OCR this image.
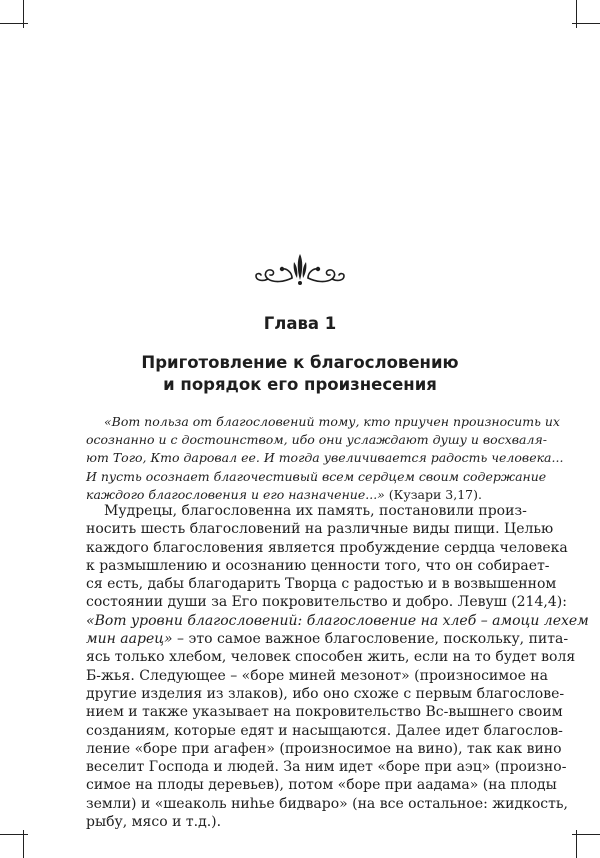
Глава 1
Приготовление к благословению
и порядок его произнесения
«Вот польза от благословений тому, кто приучен произносить их
осознанно и с достоинством, ибо они услаждают душу и восхваля-
ют Того, Кто даровал ее. И тогда увеличивается радость человека...
И пусть осознает благочестивый всем сердцем своим содержание
каждого благословения и его назначение...» (Кузари 3,17).
Мудрецы, благословенна их память, постановили произ-
носить шесть благословений на различные виды пищи. Целью
каждого благословения является пробуждение сердца человека
к размышлению и осознанию ценности того, что он собирает-
ся есть, дабы благодарить Творца с радостью и в возвышенном
состоянии души за Его покровительство и добро. Левуш (214,4):
«Вот уровни благословений: благословение на хлеб – амоци лехем
мин аарец» – это самое важное благословение, поскольку, пита-
ясь только хлебом, человек способен жить, если на то будет воля
Б-жья. Следующее – «боре миней мезонот» (произносимое на
другие изделия из злаков), ибо оно схоже с первым благослове-
нием и также указывает на покровительство Вс-вышнего своим
созданиям, которые едят и насыщаются. Далее идет благослов-
ление «боре при агафен» (произносимое на вино), так как вино
веселит Господа и людей. За ним идет «боре при аэц» (произно-
симое на плоды деревьев), потом «боре при аадама» (на плоды
земли) и «шеаколь ниһье бидваро» (на все остальное: жидкость,
рыбу, мясо и т.д.).
